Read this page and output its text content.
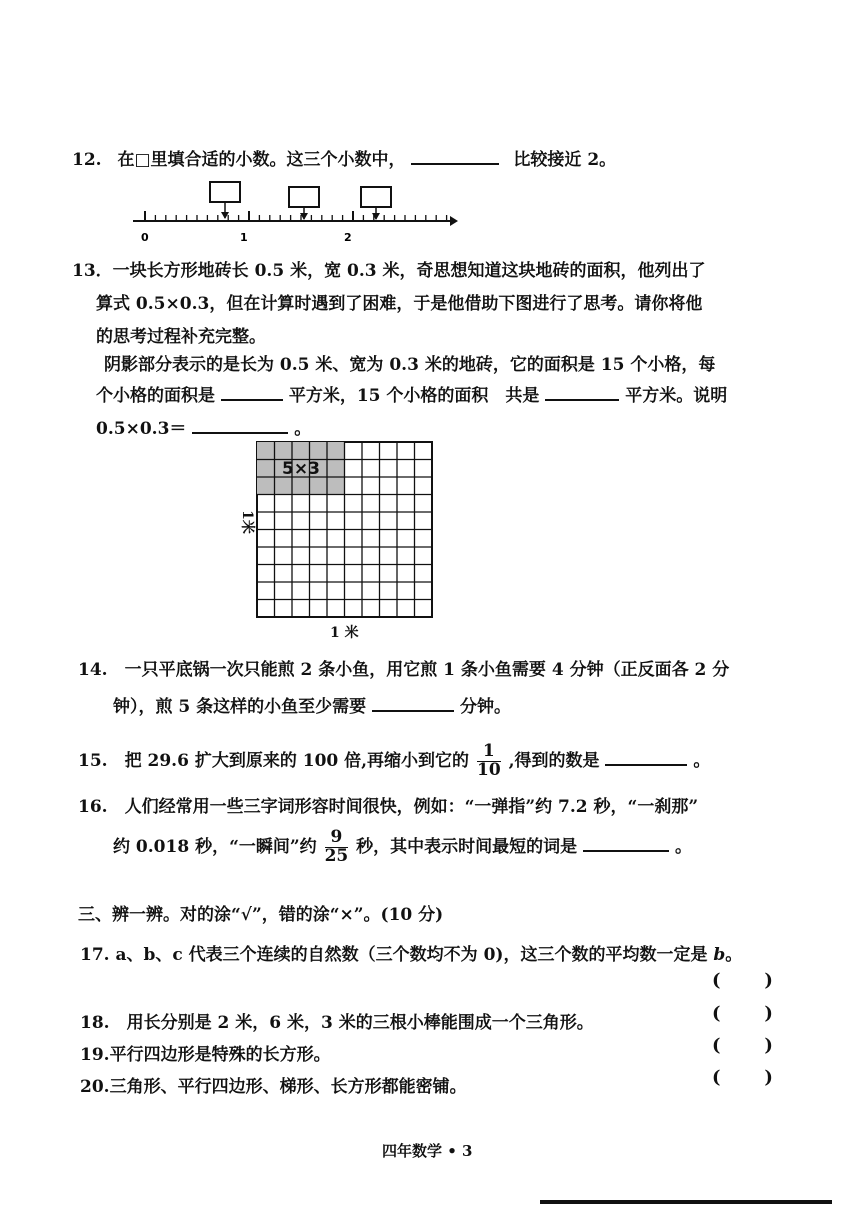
12. 在□里填合适的小数。这三个小数中，	比较接近 2。
0	1	2
13．一块长方形地砖长 0.5 米，宽 0.3 米，奇思想知道这块地砖的面积，他列出了
算式 0.5×0.3，但在计算时遇到了困难，于是他借助下图进行了思考。请你将他
的思考过程补充完整。
阴影部分表示的是长为 0.5 米、宽为 0.3 米的地砖，它的面积是 15 个小格，每
个小格的面积是	平方米，15 个小格的面积　共是	平方米。说明
0.5×0.3＝	。
5×3
1米
1 米
14.　一只平底锅一次只能煎 2 条小鱼，用它煎 1 条小鱼需要 4 分钟（正反面各 2 分
钟），煎 5 条这样的小鱼至少需要	分钟。
15.　把 29.6 扩大到原来的 100 倍,再缩小到它的 $\frac{1}{10}$ ,得到的数是	。
16.　人们经常用一些三字词形容时间很快，例如：“一弹指”约 7.2 秒，“一刹那”
约 0.018 秒，“一瞬间”约 $\frac{9}{25}$ 秒，其中表示时间最短的词是	。
三、辨一辨。对的涂“√”，错的涂“×”。(10 分)
17. a、b、c 代表三个连续的自然数（三个数均不为 0)，这三个数的平均数一定是 b。
(       )
18.　用长分别是 2 米，6 米，3 米的三根小棒能围成一个三角形。	(       )
19.平行四边形是特殊的长方形。	(       )
20.三角形、平行四边形、梯形、长方形都能密铺。	(       )
四年数学 • 3
